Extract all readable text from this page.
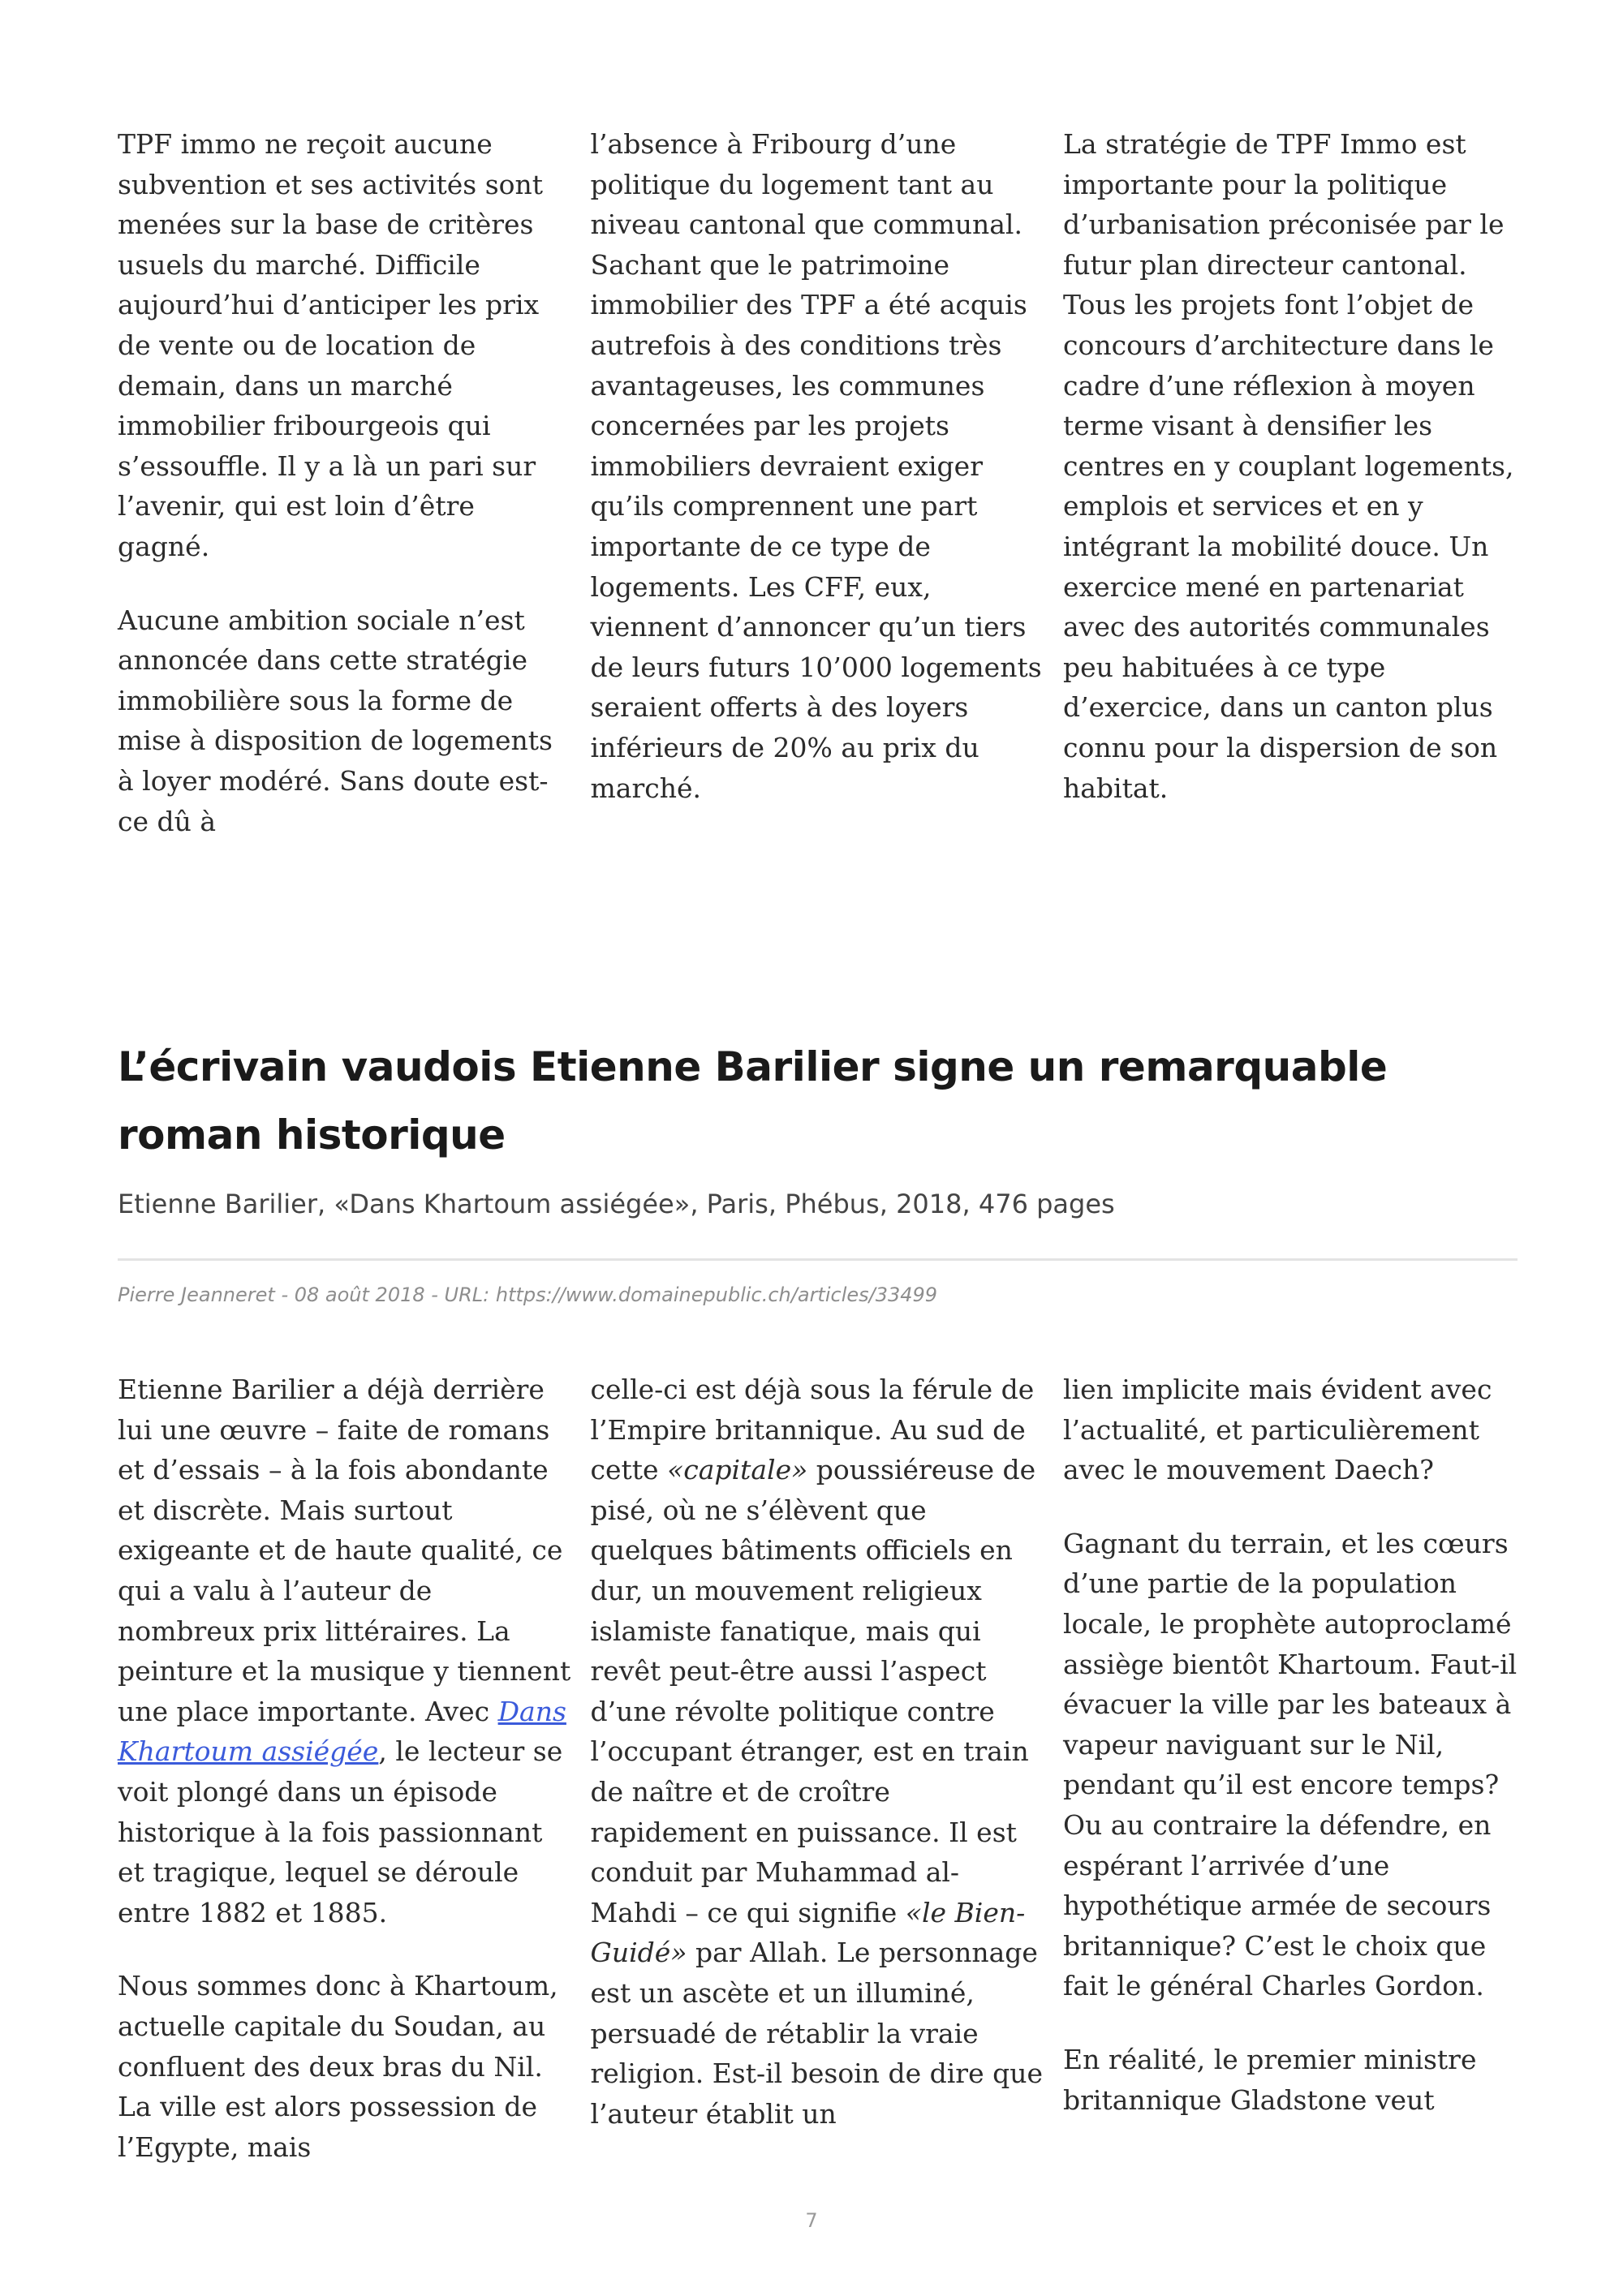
TPF immo ne reçoit aucune subvention et ses activités sont menées sur la base de critères usuels du marché. Difficile aujourd’hui d’anticiper les prix de vente ou de location de demain, dans un marché immobilier fribourgeois qui s’essouffle. Il y a là un pari sur l’avenir, qui est loin d’être gagné.

Aucune ambition sociale n’est annoncée dans cette stratégie immobilière sous la forme de mise à disposition de logements à loyer modéré. Sans doute est-ce dû à

l’absence à Fribourg d’une politique du logement tant au niveau cantonal que communal. Sachant que le patrimoine immobilier des TPF a été acquis autrefois à des conditions très avantageuses, les communes concernées par les projets immobiliers devraient exiger qu’ils comprennent une part importante de ce type de logements. Les CFF, eux, viennent d’annoncer qu’un tiers de leurs futurs 10’000 logements seraient offerts à des loyers inférieurs de 20% au prix du marché.

La stratégie de TPF Immo est importante pour la politique d’urbanisation préconisée par le futur plan directeur cantonal. Tous les projets font l’objet de concours d’architecture dans le cadre d’une réflexion à moyen terme visant à densifier les centres en y couplant logements, emplois et services et en y intégrant la mobilité douce. Un exercice mené en partenariat avec des autorités communales peu habituées à ce type d’exercice, dans un canton plus connu pour la dispersion de son habitat.

L’écrivain vaudois Etienne Barilier signe un remarquable roman historique
Etienne Barilier, «Dans Khartoum assiégée», Paris, Phébus, 2018, 476 pages
Pierre Jeanneret - 08 août 2018 - URL: https://www.domainepublic.ch/articles/33499

Etienne Barilier a déjà derrière lui une œuvre – faite de romans et d’essais – à la fois abondante et discrète. Mais surtout exigeante et de haute qualité, ce qui a valu à l’auteur de nombreux prix littéraires. La peinture et la musique y tiennent une place importante. Avec Dans Khartoum assiégée, le lecteur se voit plongé dans un épisode historique à la fois passionnant et tragique, lequel se déroule entre 1882 et 1885.

Nous sommes donc à Khartoum, actuelle capitale du Soudan, au confluent des deux bras du Nil. La ville est alors possession de l’Egypte, mais

celle-ci est déjà sous la férule de l’Empire britannique. Au sud de cette «capitale» poussiéreuse de pisé, où ne s’élèvent que quelques bâtiments officiels en dur, un mouvement religieux islamiste fanatique, mais qui revêt peut-être aussi l’aspect d’une révolte politique contre l’occupant étranger, est en train de naître et de croître rapidement en puissance. Il est conduit par Muhammad al-Mahdi – ce qui signifie «le Bien-Guidé» par Allah. Le personnage est un ascète et un illuminé, persuadé de rétablir la vraie religion. Est-il besoin de dire que l’auteur établit un

lien implicite mais évident avec l’actualité, et particulièrement avec le mouvement Daech?

Gagnant du terrain, et les cœurs d’une partie de la population locale, le prophète autoproclamé assiège bientôt Khartoum. Faut-il évacuer la ville par les bateaux à vapeur naviguant sur le Nil, pendant qu’il est encore temps? Ou au contraire la défendre, en espérant l’arrivée d’une hypothétique armée de secours britannique? C’est le choix que fait le général Charles Gordon.

En réalité, le premier ministre britannique Gladstone veut

7
